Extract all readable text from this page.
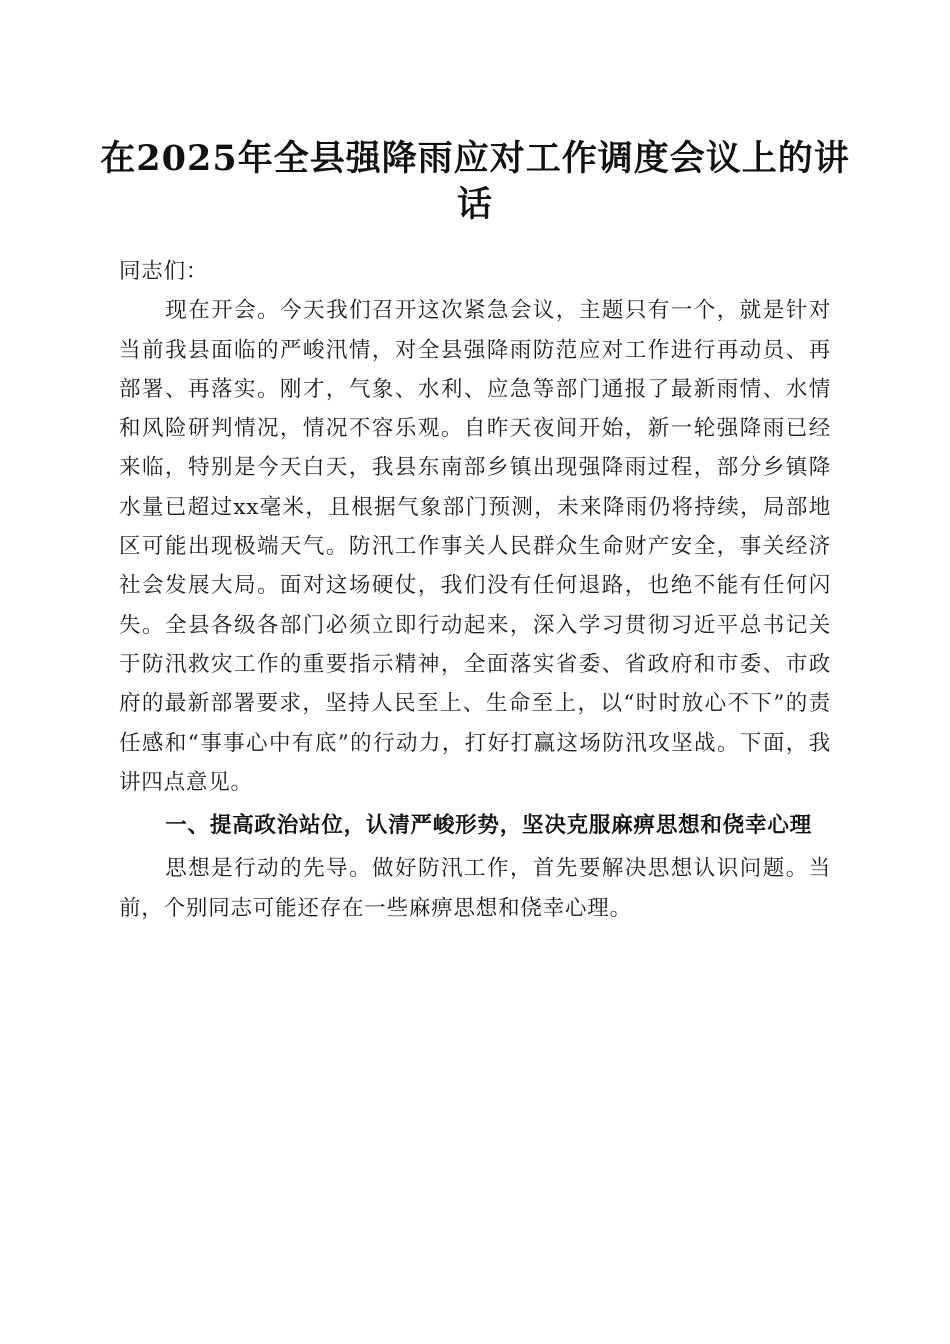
在2025年全县强降雨应对工作调度会议上的讲话

同志们：

现在开会。今天我们召开这次紧急会议，主题只有一个，就是针对当前我县面临的严峻汛情，对全县强降雨防范应对工作进行再动员、再部署、再落实。刚才，气象、水利、应急等部门通报了最新雨情、水情和风险研判情况，情况不容乐观。自昨天夜间开始，新一轮强降雨已经来临，特别是今天白天，我县东南部乡镇出现强降雨过程，部分乡镇降水量已超过xx毫米，且根据气象部门预测，未来降雨仍将持续，局部地区可能出现极端天气。防汛工作事关人民群众生命财产安全，事关经济社会发展大局。面对这场硬仗，我们没有任何退路，也绝不能有任何闪失。全县各级各部门必须立即行动起来，深入学习贯彻习近平总书记关于防汛救灾工作的重要指示精神，全面落实省委、省政府和市委、市政府的最新部署要求，坚持人民至上、生命至上，以“时时放心不下”的责任感和“事事心中有底”的行动力，打好打赢这场防汛攻坚战。下面，我讲四点意见。

一、提高政治站位，认清严峻形势，坚决克服麻痹思想和侥幸心理

思想是行动的先导。做好防汛工作，首先要解决思想认识问题。当前，个别同志可能还存在一些麻痹思想和侥幸心理。
